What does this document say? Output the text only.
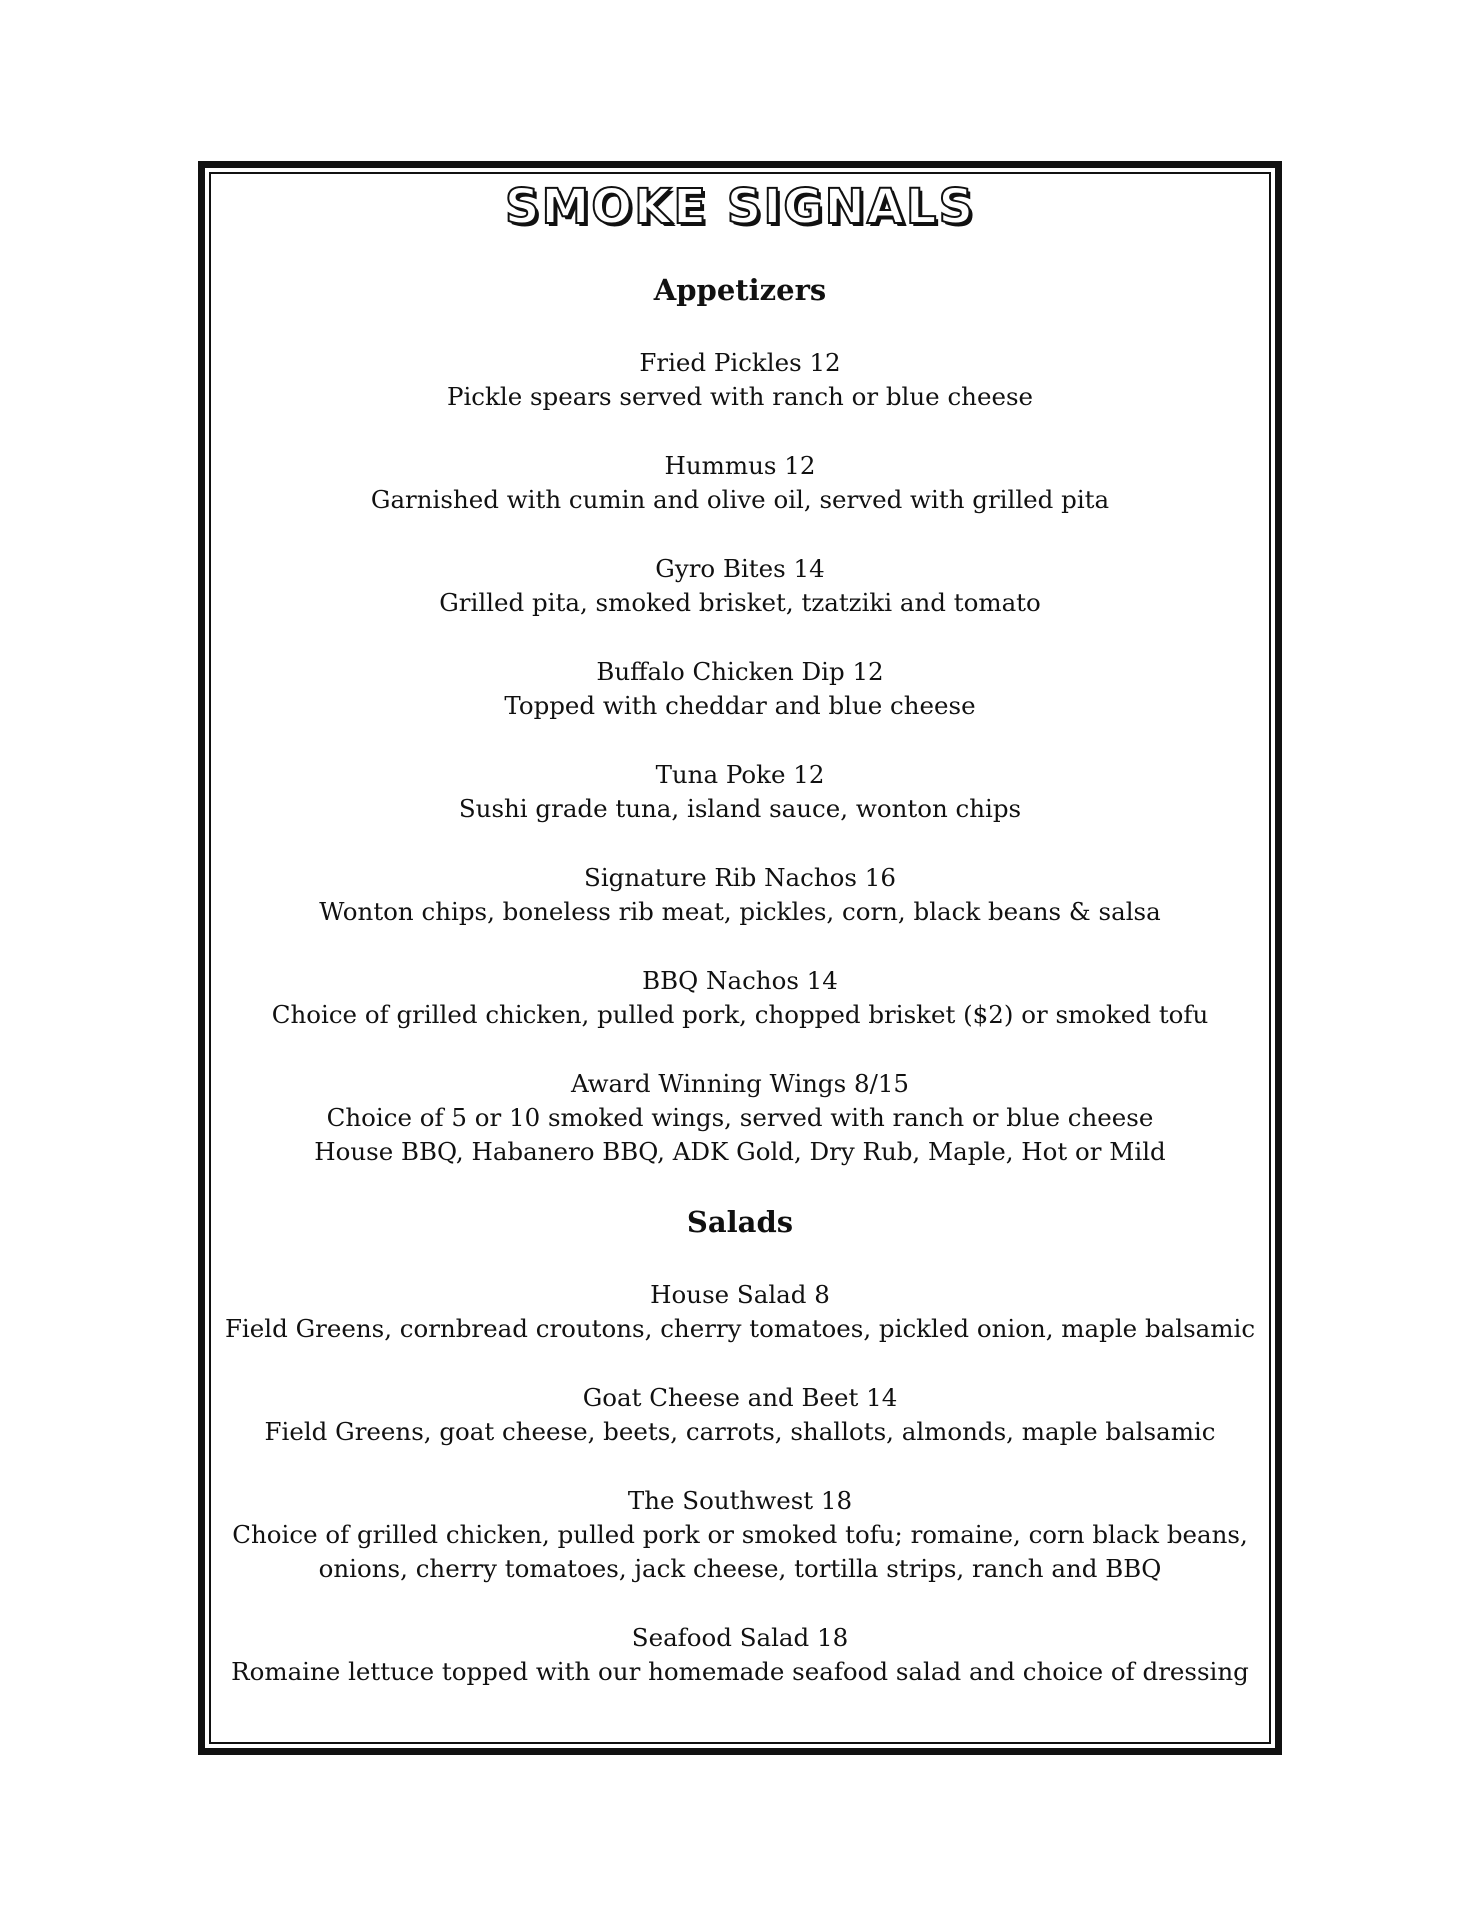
SMOKE SIGNALS
Appetizers
Fried Pickles 12
Pickle spears served with ranch or blue cheese
Hummus 12
Garnished with cumin and olive oil, served with grilled pita
Gyro Bites 14
Grilled pita, smoked brisket, tzatziki and tomato
Buffalo Chicken Dip 12
Topped with cheddar and blue cheese
Tuna Poke 12
Sushi grade tuna, island sauce, wonton chips
Signature Rib Nachos 16
Wonton chips, boneless rib meat, pickles, corn, black beans & salsa
BBQ Nachos 14
Choice of grilled chicken, pulled pork, chopped brisket ($2) or smoked tofu
Award Winning Wings 8/15
Choice of 5 or 10 smoked wings, served with ranch or blue cheese
House BBQ, Habanero BBQ, ADK Gold, Dry Rub, Maple, Hot or Mild
Salads
House Salad 8
Field Greens, cornbread croutons, cherry tomatoes, pickled onion, maple balsamic
Goat Cheese and Beet 14
Field Greens, goat cheese, beets, carrots, shallots, almonds, maple balsamic
The Southwest 18
Choice of grilled chicken, pulled pork or smoked tofu; romaine, corn black beans,
onions, cherry tomatoes, jack cheese, tortilla strips, ranch and BBQ
Seafood Salad 18
Romaine lettuce topped with our homemade seafood salad and choice of dressing
